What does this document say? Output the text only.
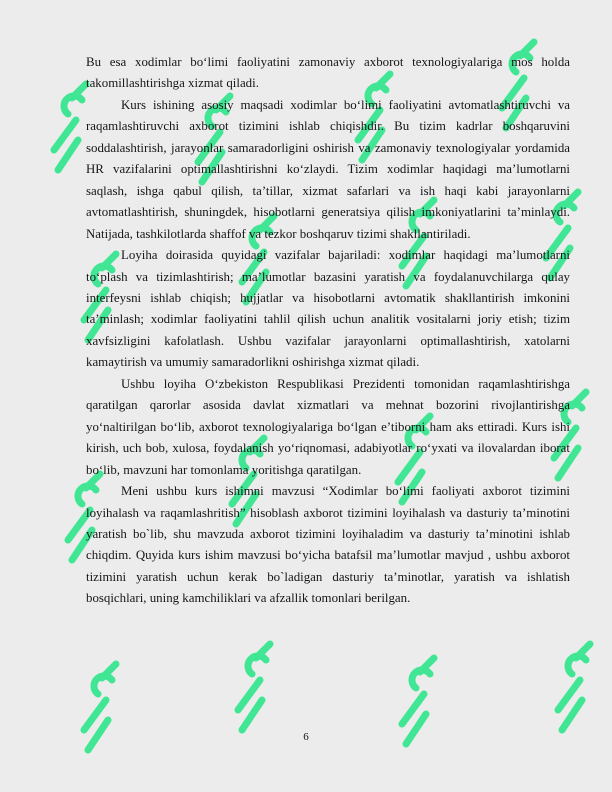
Bu esa xodimlar bo‘limi faoliyatini zamonaviy axborot texnologiyalariga mos holda takomillashtirishga xizmat qiladi.

Kurs ishining asosiy maqsadi xodimlar bo‘limi faoliyatini avtomatlashtiruvchi va raqamlashtiruvchi axborot tizimini ishlab chiqishdir. Bu tizim kadrlar boshqaruvini soddalashtirish, jarayonlar samaradorligini oshirish va zamonaviy texnologiyalar yordamida HR vazifalarini optimallashtirishni ko‘zlaydi. Tizim xodimlar haqidagi ma’lumotlarni saqlash, ishga qabul qilish, ta’tillar, xizmat safarlari va ish haqi kabi jarayonlarni avtomatlashtirish, shuningdek, hisobotlarni generatsiya qilish imkoniyatlarini ta’minlaydi. Natijada, tashkilotlarda shaffof va tezkor boshqaruv tizimi shakllantiriladi.

Loyiha doirasida quyidagi vazifalar bajariladi: xodimlar haqidagi ma’lumotlarni to‘plash va tizimlashtirish; ma’lumotlar bazasini yaratish va foydalanuvchilarga qulay interfeysni ishlab chiqish; hujjatlar va hisobotlarni avtomatik shakllantirish imkonini ta’minlash; xodimlar faoliyatini tahlil qilish uchun analitik vositalarni joriy etish; tizim xavfsizligini kafolatlash. Ushbu vazifalar jarayonlarni optimallashtirish, xatolarni kamaytirish va umumiy samaradorlikni oshirishga xizmat qiladi.

Ushbu loyiha O‘zbekiston Respublikasi Prezidenti tomonidan raqamlashtirishga qaratilgan qarorlar asosida davlat xizmatlari va mehnat bozorini rivojlantirishga yo‘naltirilgan bo‘lib, axborot texnologiyalariga bo‘lgan e’tiborni ham aks ettiradi. Kurs ishi kirish, uch bob, xulosa, foydalanish yo‘riqnomasi, adabiyotlar ro‘yxati va ilovalardan iborat bo‘lib, mavzuni har tomonlama yoritishga qaratilgan.

Meni ushbu kurs ishimni mavzusi “Xodimlar bo‘limi faoliyati axborot tizimini loyihalash va raqamlashritish” hisoblash axborot tizimini loyihalash va dasturiy ta’minotini yaratish bo`lib, shu mavzuda axborot tizimini loyihaladim va dasturiy ta’minotini ishlab chiqdim. Quyida kurs ishim mavzusi bo‘yicha batafsil ma’lumotlar mavjud , ushbu axborot tizimini yaratish uchun kerak bo`ladigan dasturiy ta’minotlar, yaratish va ishlatish bosqichlari, uning kamchiliklari va afzallik tomonlari berilgan.

6
